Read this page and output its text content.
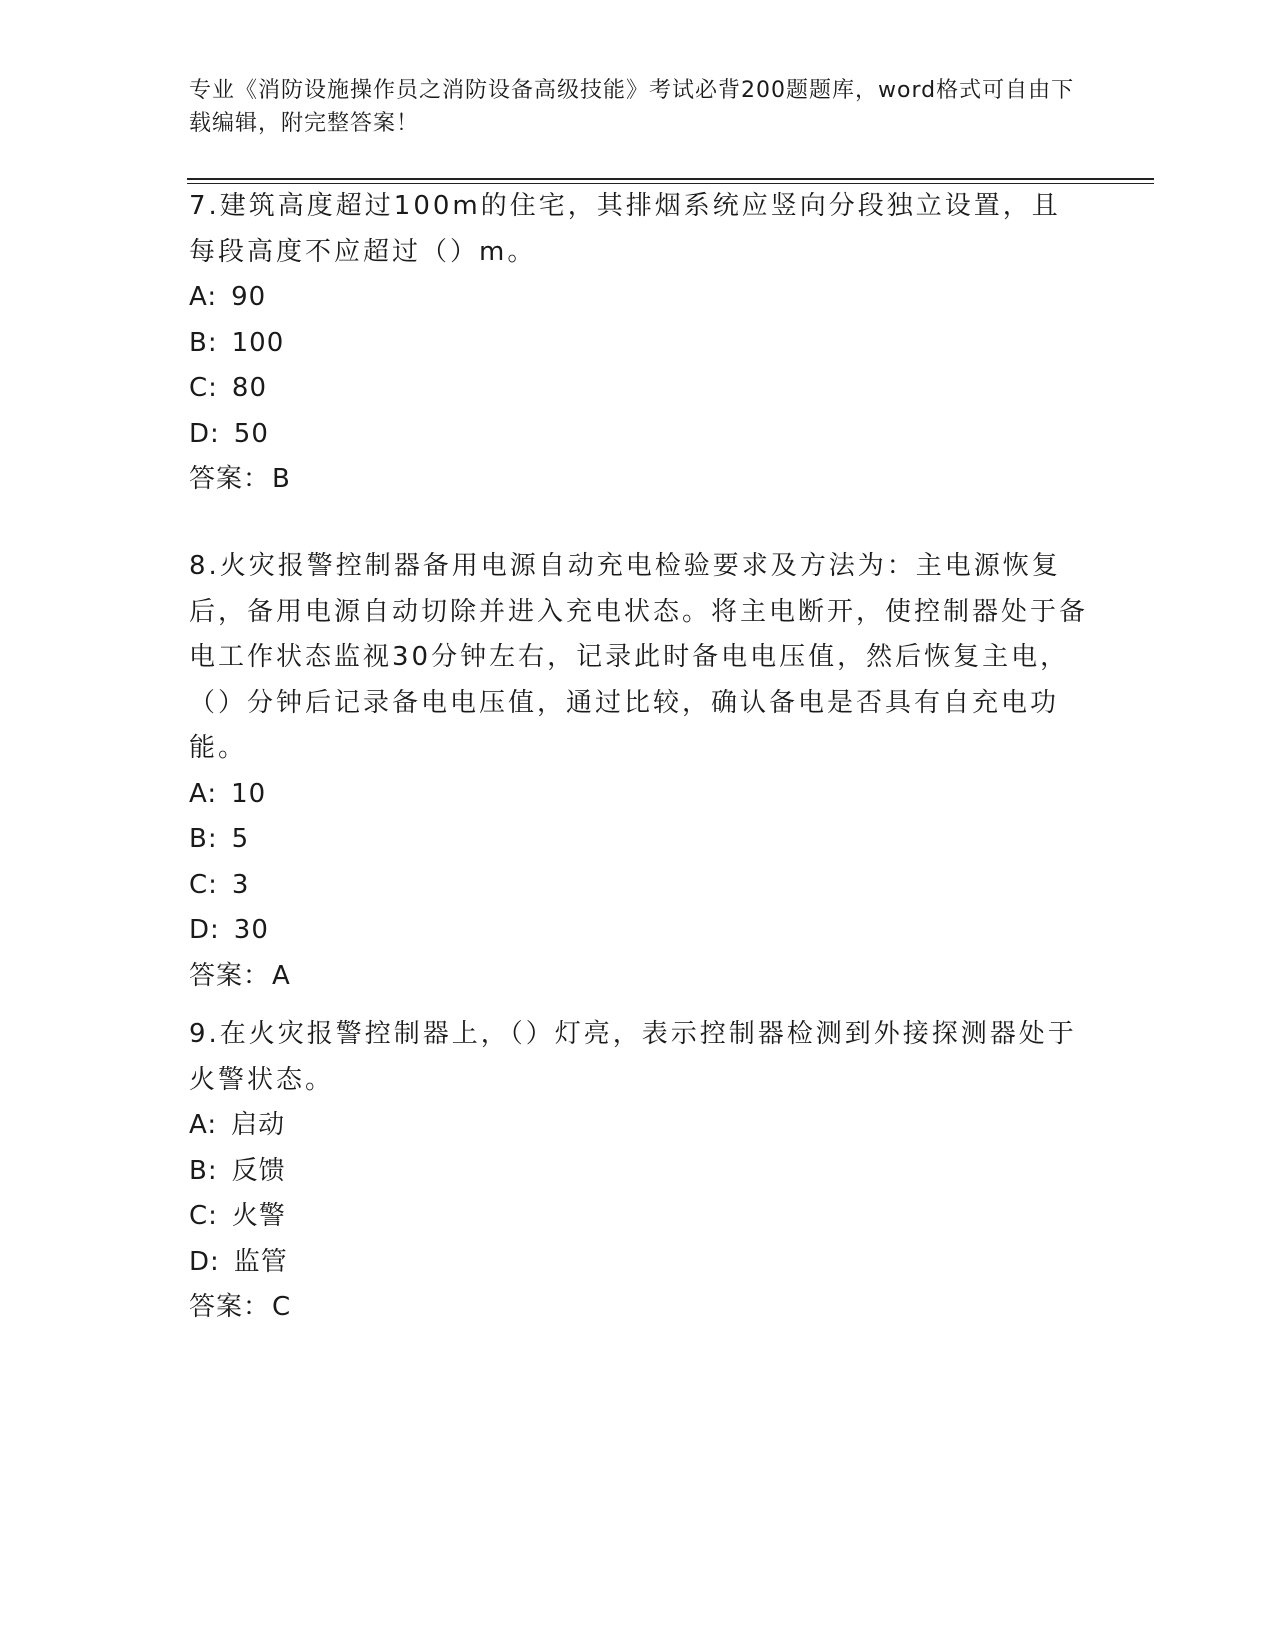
专业《消防设施操作员之消防设备高级技能》考试必背200题题库，word格式可自由下载编辑，附完整答案！

7.建筑高度超过100m的住宅，其排烟系统应竖向分段独立设置，且每段高度不应超过（）m。

A: 90

B: 100

C: 80

D: 50

答案：B

8.火灾报警控制器备用电源自动充电检验要求及方法为：主电源恢复后，备用电源自动切除并进入充电状态。将主电断开，使控制器处于备电工作状态监视30分钟左右，记录此时备电电压值，然后恢复主电，（）分钟后记录备电电压值，通过比较，确认备电是否具有自充电功能。

A: 10

B: 5

C: 3

D: 30

答案：A

9.在火灾报警控制器上，（）灯亮，表示控制器检测到外接探测器处于火警状态。

A: 启动

B: 反馈

C: 火警

D: 监管

答案：C
